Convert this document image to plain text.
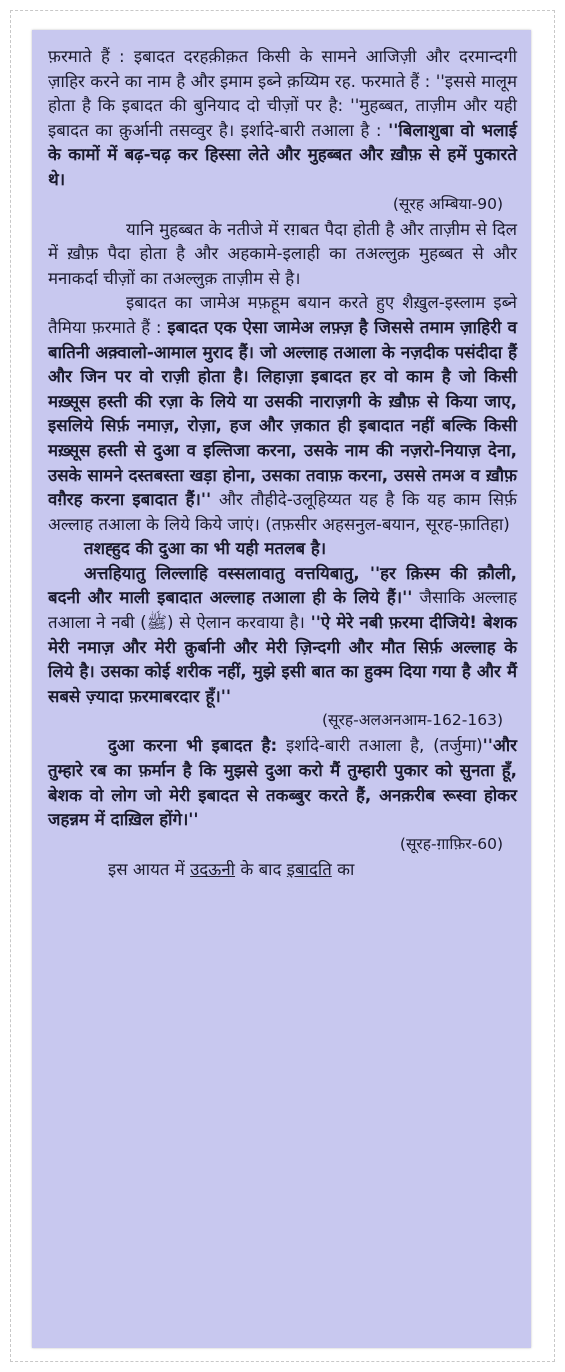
फ़रमाते हैं : इबादत दरहक़ीक़त किसी के सामने आजिज़ी और दरमान्दगी ज़ाहिर करने का नाम है और इमाम इब्ने क़य्यिम रह. फरमाते हैं : ''इससे मालूम होता है कि इबादत की बुनियाद दो चीज़ों पर है: ''मुहब्बत, ताज़ीम और यही इबादत का क़ुर्आनी तसव्वुर है। इर्शादे-बारी तआला है : ''बिलाशुबा वो भलाई के कामों में बढ़-चढ़ कर हिस्सा लेते और मुहब्बत और ख़ौफ़ से हमें पुकारते थे।

(सूरह अम्बिया-90)

यानि मुहब्बत के नतीजे में रग़बत पैदा होती है और ताज़ीम से दिल में ख़ौफ़ पैदा होता है और अहकामे-इलाही का तअल्लुक़ मुहब्बत से और मनाकर्दा चीज़ों का तअल्लुक़ ताज़ीम से है।

इबादत का जामेअ मफ़हूम बयान करते हुए शैख़ुल-इस्लाम इब्ने तैमिया फ़रमाते हैं : इबादत एक ऐसा जामेअ लफ़्ज़ है जिससे तमाम ज़ाहिरी व बातिनी अक़्वालो-आमाल मुराद हैं। जो अल्लाह तआला के नज़दीक पसंदीदा हैं और जिन पर वो राज़ी होता है। लिहाज़ा इबादत हर वो काम है जो किसी मख़्सूस हस्ती की रज़ा के लिये या उसकी नाराज़गी के ख़ौफ़ से किया जाए, इसलिये सिर्फ़ नमाज़, रोज़ा, हज और ज़कात ही इबादात नहीं बल्कि किसी मख़्सूस हस्ती से दुआ व इल्तिजा करना, उसके नाम की नज़रो-नियाज़ देना, उसके सामने दस्तबस्ता खड़ा होना, उसका तवाफ़ करना, उससे तमअ व ख़ौफ़ वग़ैरह करना इबादात हैं।'' और तौहीदे-उलूहिय्यत यह है कि यह काम सिर्फ़ अल्लाह तआला के लिये किये जाएं। (तफ़सीर अहसनुल-बयान, सूरह-फ़ातिहा)

तशह्हुद की दुआ का भी यही मतलब है।

अत्तहियातु लिल्लाहि वस्सलावातु वत्तयिबातु, ''हर क़िस्म की क़ौली, बदनी और माली इबादात अल्लाह तआला ही के लिये हैं।'' जैसाकि अल्लाह तआला ने नबी (ﷺ) से ऐलान करवाया है। ''ऐ मेरे नबी फ़रमा दीजिये! बेशक मेरी नमाज़ और मेरी क़ुर्बानी और मेरी ज़िन्दगी और मौत सिर्फ़ अल्लाह के लिये है। उसका कोई शरीक नहीं, मुझे इसी बात का हुक्म दिया गया है और मैं सबसे ज़्यादा फ़रमाबरदार हूँ।''

(सूरह-अलअनआम-162-163)

दुआ करना भी इबादत है: इर्शादे-बारी तआला है, (तर्जुमा)''और तुम्हारे रब का फ़र्मान है कि मुझसे दुआ करो मैं तुम्हारी पुकार को सुनता हूँ, बेशक वो लोग जो मेरी इबादत से तकब्बुर करते हैं, अनक़रीब रूस्वा होकर जहन्नम में दाख़िल होंगे।''

(सूरह-ग़ाफ़िर-60)

इस आयत में उदऊनी के बाद इबादति का
